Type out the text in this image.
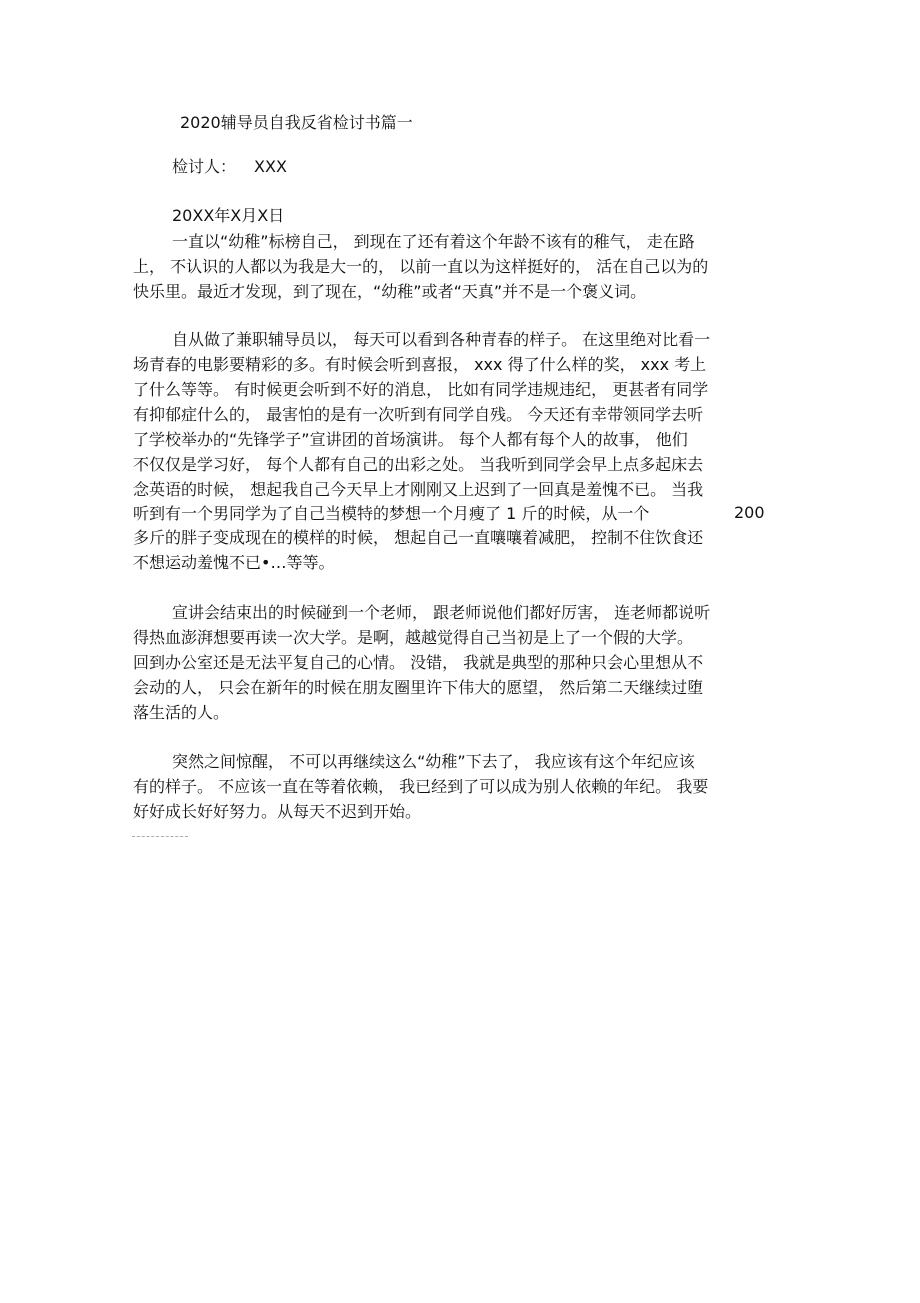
2020辅导员自我反省检讨书篇一
检讨人： XXX
20XX年X月X日
一直以“幼稚”标榜自己， 到现在了还有着这个年龄不该有的稚气， 走在路
上， 不认识的人都以为我是大一的， 以前一直以为这样挺好的， 活在自己以为的
快乐里。最近才发现，到了现在，“幼稚”或者“天真”并不是一个褒义词。
自从做了兼职辅导员以， 每天可以看到各种青春的样子。 在这里绝对比看一
场青春的电影要精彩的多。有时候会听到喜报， xxx 得了什么样的奖， xxx 考上
了什么等等。 有时候更会听到不好的消息， 比如有同学违规违纪， 更甚者有同学
有抑郁症什么的， 最害怕的是有一次听到有同学自残。 今天还有幸带领同学去听
了学校举办的“先锋学子”宣讲团的首场演讲。 每个人都有每个人的故事， 他们
不仅仅是学习好， 每个人都有自己的出彩之处。 当我听到同学会早上点多起床去
念英语的时候， 想起我自己今天早上才刚刚又上迟到了一回真是羞愧不已。 当我
听到有一个男同学为了自己当模特的梦想一个月瘦了 1 斤的时候，从一个	200
多斤的胖子变成现在的模样的时候， 想起自己一直嚷嚷着减肥， 控制不住饮食还
不想运动羞愧不已•…等等。
宣讲会结束出的时候碰到一个老师， 跟老师说他们都好厉害， 连老师都说听
得热血澎湃想要再读一次大学。是啊，越越觉得自己当初是上了一个假的大学。
回到办公室还是无法平复自己的心情。 没错， 我就是典型的那种只会心里想从不
会动的人， 只会在新年的时候在朋友圈里许下伟大的愿望， 然后第二天继续过堕
落生活的人。
突然之间惊醒， 不可以再继续这么“幼稚”下去了， 我应该有这个年纪应该
有的样子。 不应该一直在等着依赖， 我已经到了可以成为别人依赖的年纪。 我要
好好成长好好努力。从每天不迟到开始。
